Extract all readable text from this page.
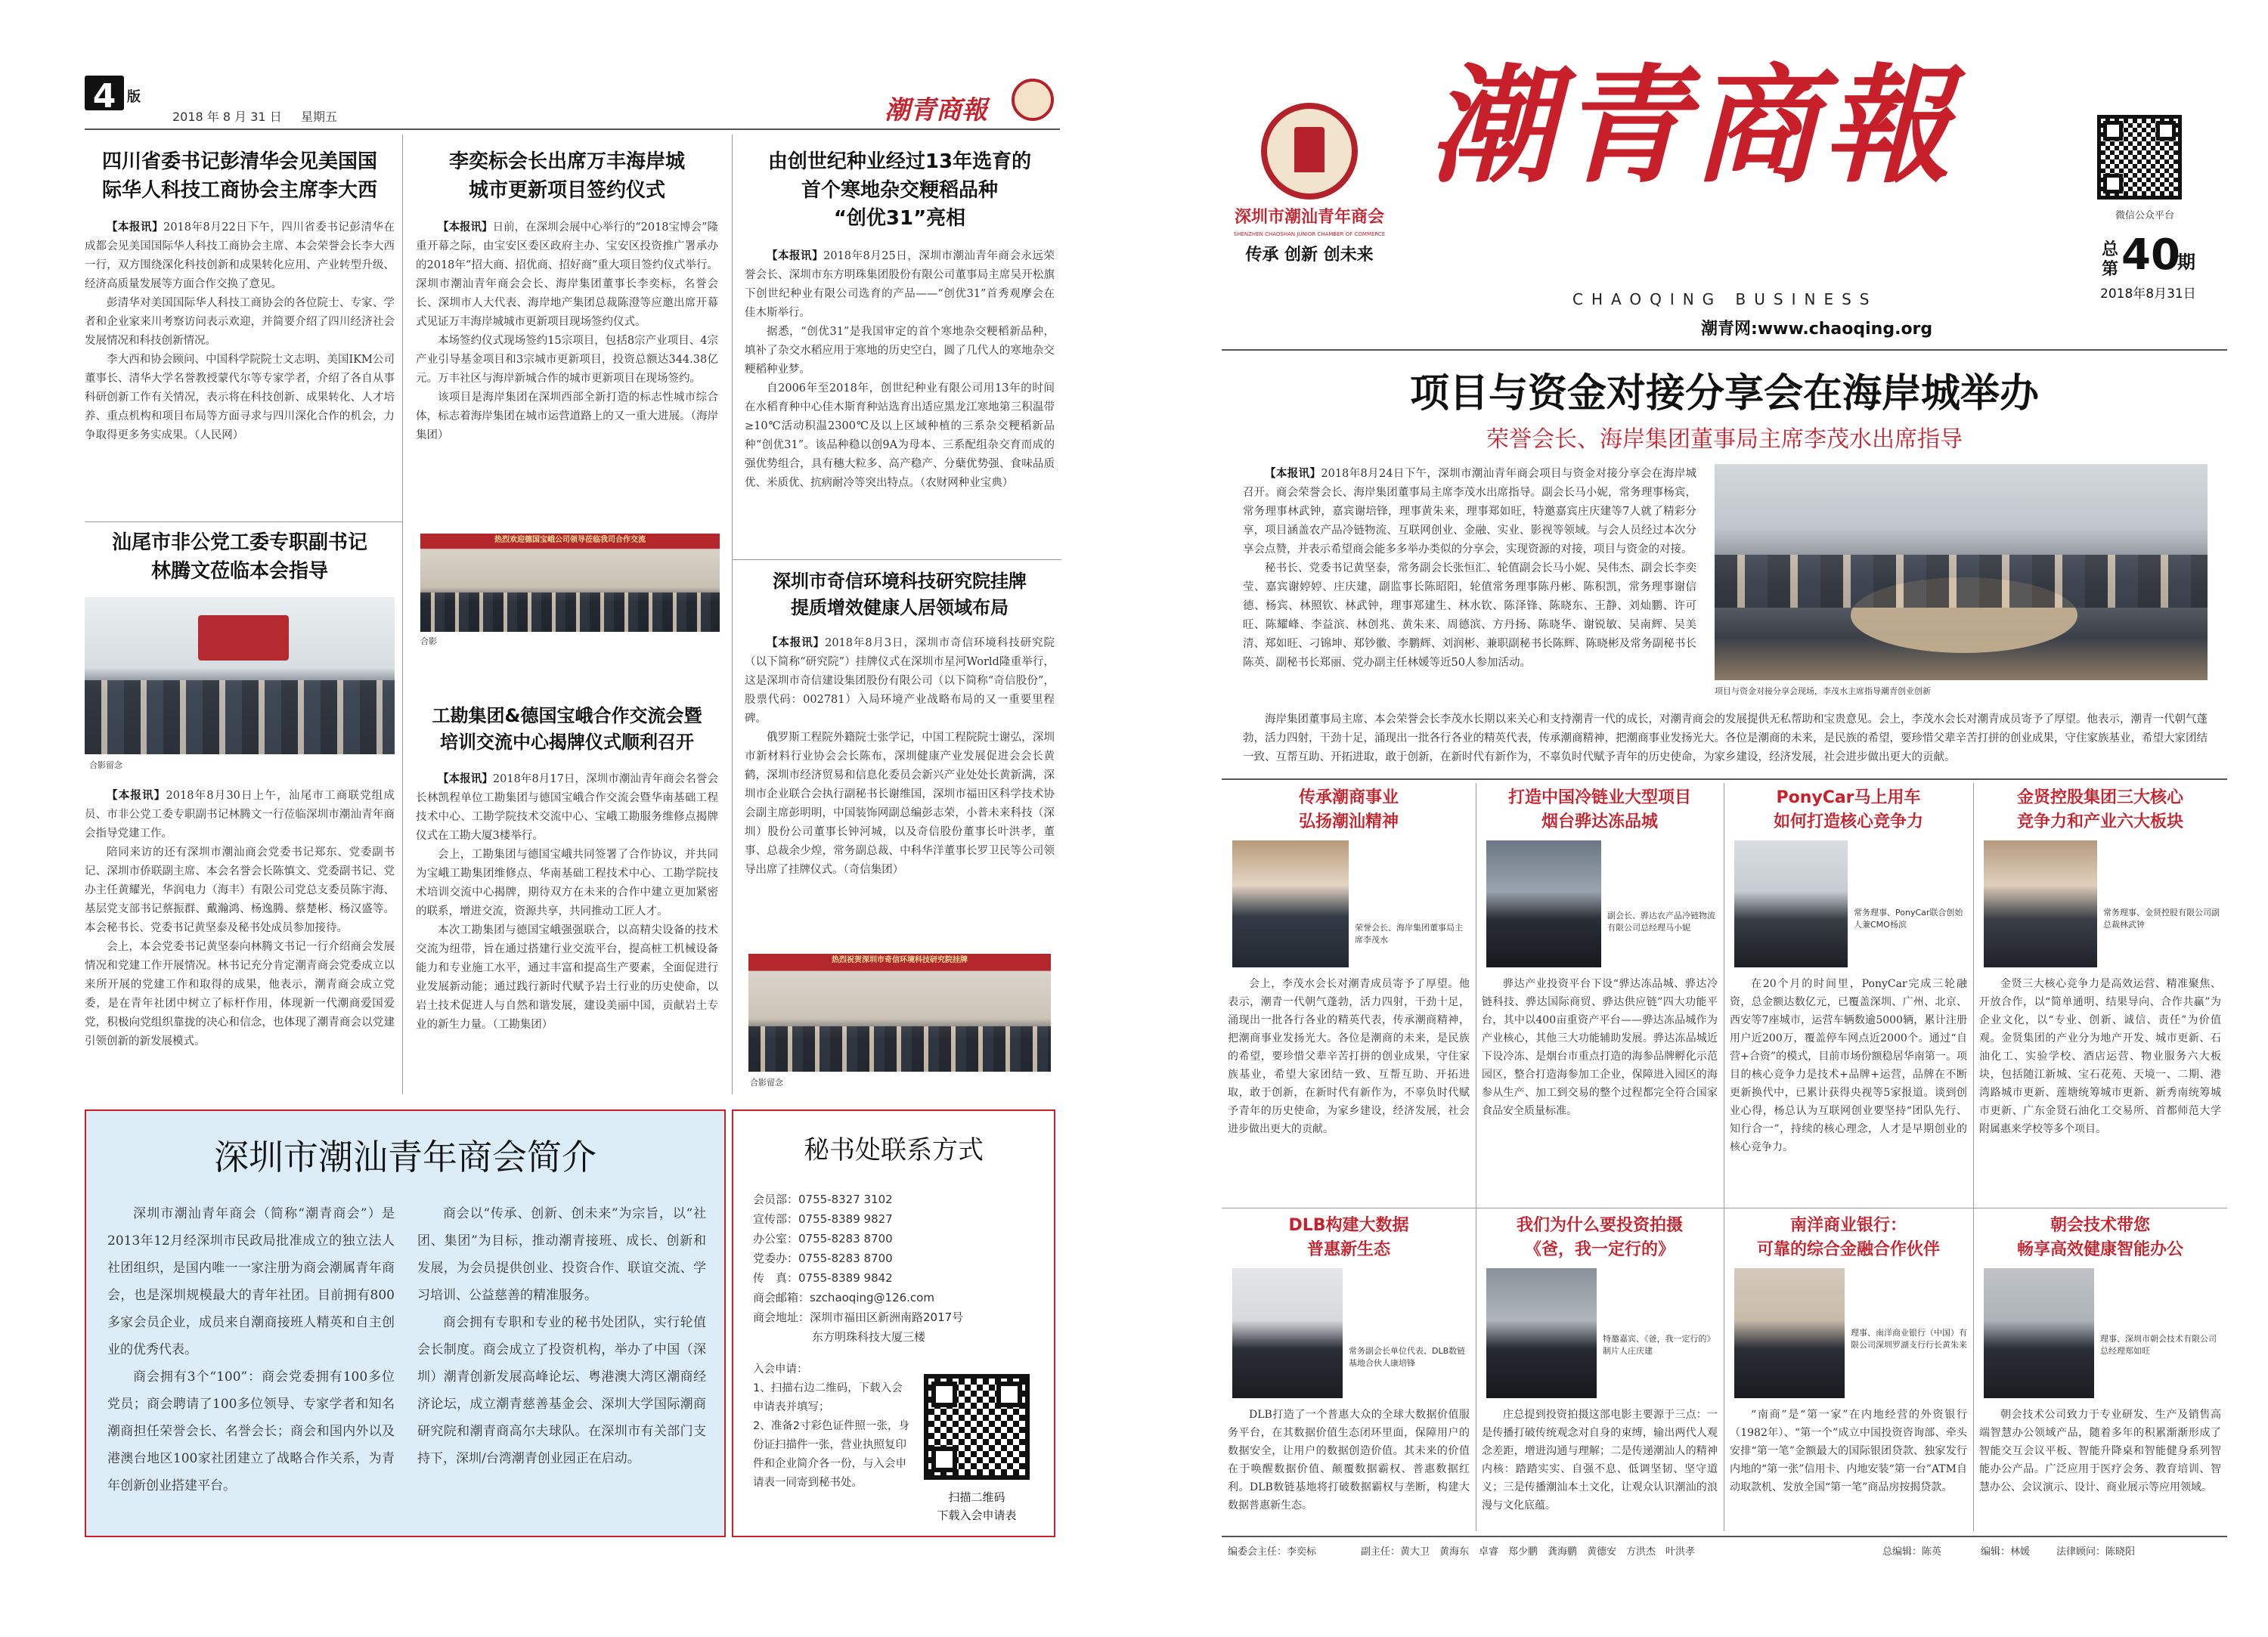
4 版
2018 年 8 月 31 日 星期五	潮青商報
四川省委书记彭清华会见美国国
际华人科技工商协会主席李大西

【本报讯】2018年8月22日下午，四川省委书记彭清华在成都会见美国国际华人科技工商协会主席、本会荣誉会长李大西一行，双方围绕深化科技创新和成果转化应用、产业转型升级、经济高质量发展等方面合作交换了意见。

彭清华对美国国际华人科技工商协会的各位院士、专家、学者和企业家来川考察访问表示欢迎，并简要介绍了四川经济社会发展情况和科技创新情况。

李大西和协会顾问、中国科学院院士文志明、美国IKM公司董事长、清华大学名誉教授蒙代尔等专家学者，介绍了各自从事科研创新工作有关情况，表示将在科技创新、成果转化、人才培养、重点机构和项目布局等方面寻求与四川深化合作的机会，力争取得更多务实成果。（人民网）

李奕标会长出席万丰海岸城
城市更新项目签约仪式

【本报讯】日前，在深圳会展中心举行的“2018宝博会”隆重开幕之际，由宝安区委区政府主办、宝安区投资推广署承办的2018年“招大商、招优商、招好商”重大项目签约仪式举行。深圳市潮汕青年商会会长、海岸集团董事长李奕标，名誉会长、深圳市人大代表、海岸地产集团总裁陈澄等应邀出席开幕式见证万丰海岸城城市更新项目现场签约仪式。

本场签约仪式现场签约15宗项目，包括8宗产业项目、4宗产业引导基金项目和3宗城市更新项目，投资总额达344.38亿元。万丰社区与海岸新城合作的城市更新项目在现场签约。

该项目是海岸集团在深圳西部全新打造的标志性城市综合体，标志着海岸集团在城市运营道路上的又一重大进展。（海岸集团）

由创世纪种业经过13年选育的
首个寒地杂交粳稻品种
“创优31”亮相

【本报讯】2018年8月25日，深圳市潮汕青年商会永远荣誉会长、深圳市东方明珠集团股份有限公司董事局主席吴开松旗下创世纪种业有限公司选育的产品——“创优31”首秀观摩会在佳木斯举行。

据悉，“创优31”是我国审定的首个寒地杂交粳稻新品种，填补了杂交水稻应用于寒地的历史空白，圆了几代人的寒地杂交粳稻种业梦。

自2006年至2018年，创世纪种业有限公司用13年的时间在水稻育种中心佳木斯育种站选育出适应黑龙江寒地第三积温带≥10℃活动积温2300℃及以上区域种植的三系杂交粳稻新品种“创优31”。该品种稳以创9A为母本、三系配组杂交育而成的强优势组合，具有穗大粒多、高产稳产、分蘖优势强、食味品质优、米质优、抗病耐冷等突出特点。（农财网种业宝典）

汕尾市非公党工委专职副书记
林腾文莅临本会指导
合影留念

【本报讯】2018年8月30日上午，汕尾市工商联党组成员、市非公党工委专职副书记林腾文一行莅临深圳市潮汕青年商会指导党建工作。

陪同来访的还有深圳市潮汕商会党委书记郑东、党委副书记、深圳市侨联副主席、本会名誉会长陈慎文、党委副书记、党办主任黄耀光，华润电力（海丰）有限公司党总支委员陈宇海、基层党支部书记蔡振群、戴瀚鸿、杨逸腾、蔡楚彬、杨汉盛等。本会秘书长、党委书记黄坚泰及秘书处成员参加接待。

会上，本会党委书记黄坚泰向林腾文书记一行介绍商会发展情况和党建工作开展情况。林书记充分肯定潮青商会党委成立以来所开展的党建工作和取得的成果，他表示，潮青商会成立党委，是在青年社团中树立了标杆作用，体现新一代潮商爱国爱党，积极向党组织靠拢的决心和信念，也体现了潮青商会以党建引领创新的新发展模式。

热烈欢迎德国宝峨公司领导莅临我司合作交流
合影
工勘集团&德国宝峨合作交流会暨
培训交流中心揭牌仪式顺利召开

【本报讯】2018年8月17日，深圳市潮汕青年商会名誉会长林凯程单位工勘集团与德国宝峨合作交流会暨华南基础工程技术中心、工勘学院技术交流中心、宝峨工勘服务维修点揭牌仪式在工勘大厦3楼举行。

会上，工勘集团与德国宝峨共同签署了合作协议，并共同为宝峨工勘集团维修点、华南基础工程技术中心、工勘学院技术培训交流中心揭牌，期待双方在未来的合作中建立更加紧密的联系，增进交流，资源共享，共同推动工匠人才。

本次工勘集团与德国宝峨强强联合，以高精尖设备的技术交流为纽带，旨在通过搭建行业交流平台，提高桩工机械设备能力和专业施工水平，通过丰富和提高生产要素，全面促进行业发展新动能；通过践行新时代赋予岩土行业的历史使命，以岩土技术促进人与自然和谐发展，建设美丽中国，贡献岩土专业的新生力量。（工勘集团）

深圳市奇信环境科技研究院挂牌
提质增效健康人居领域布局

【本报讯】2018年8月3日，深圳市奇信环境科技研究院（以下简称“研究院”）挂牌仪式在深圳市星河World隆重举行，这是深圳市奇信建设集团股份有限公司（以下简称“奇信股份”，股票代码：002781）入局环境产业战略布局的又一重要里程碑。

俄罗斯工程院外籍院士张学记，中国工程院院士谢弘，深圳市新材料行业协会会长陈布，深圳健康产业发展促进会会长黄鹤，深圳市经济贸易和信息化委员会新兴产业处处长黄新满，深圳市企业联合会执行副秘书长谢维国，深圳市福田区科学技术协会副主席彭明明，中国装饰网副总编彭志荣，小普未来科技（深圳）股份公司董事长钟河城，以及奇信股份董事长叶洪孝，董事、总裁余少煌，常务副总裁、中科华洋董事长罗卫民等公司领导出席了挂牌仪式。（奇信集团）

热烈祝贺深圳市奇信环境科技研究院挂牌
合影留念
深圳市潮汕青年商会简介

深圳市潮汕青年商会（简称“潮青商会”）是2013年12月经深圳市民政局批准成立的独立法人社团组织，是国内唯一一家注册为商会潮属青年商会，也是深圳规模最大的青年社团。目前拥有800多家会员企业，成员来自潮商接班人精英和自主创业的优秀代表。

商会拥有3个“100”：商会党委拥有100多位党员；商会聘请了100多位领导、专家学者和知名潮商担任荣誉会长、名誉会长；商会和国内外以及港澳台地区100家社团建立了战略合作关系，为青年创新创业搭建平台。

商会以“传承、创新、创未来”为宗旨，以“社团、集团”为目标，推动潮青接班、成长、创新和发展，为会员提供创业、投资合作、联谊交流、学习培训、公益慈善的精准服务。

商会拥有专职和专业的秘书处团队，实行轮值会长制度。商会成立了投资机构，举办了中国（深圳）潮青创新发展高峰论坛、粤港澳大湾区潮商经济论坛，成立潮青慈善基金会、深圳大学国际潮商研究院和潮青商高尔夫球队。在深圳市有关部门支持下，深圳/台湾潮青创业园正在启动。

秘书处联系方式
会员部：0755-8327 3102
宣传部：0755-8389 9827
办公室：0755-8283 8700
党委办：0755-8283 8700
传　真：0755-8389 9842
商会邮箱：szchaoqing@126.com
商会地址：深圳市福田区新洲南路2017号
东方明珠科技大厦三楼
入会申请：
1、扫描右边二维码，下载入会申请表并填写；
2、准备2寸彩色证件照一张，身份证扫描件一张，营业执照复印件和企业简介各一份，与入会申请表一同寄到秘书处。
扫描二维码
下载入会申请表
深圳市潮汕青年商会
SHENZHEN CHAOSHAN JUNIOR CHAMBER OF COMMERCE
传承 创新 创未来
潮青商報
CHAOQING BUSINESS
潮青网:www.chaoqing.org
微信公众平台
总第 40
期
2018年8月31日
项目与资金对接分享会在海岸城举办
荣誉会长、海岸集团董事局主席李茂水出席指导

【本报讯】2018年8月24日下午，深圳市潮汕青年商会项目与资金对接分享会在海岸城召开。商会荣誉会长、海岸集团董事局主席李茂水出席指导。副会长马小妮，常务理事杨宾，常务理事林武钟，嘉宾谢培锋，理事黄朱来，理事郑如旺，特邀嘉宾庄庆建等7人就了精彩分享，项目涵盖农产品冷链物流、互联网创业、金融、实业、影视等领域。与会人员经过本次分享会点赞，并表示希望商会能多多举办类似的分享会，实现资源的对接，项目与资金的对接。

秘书长、党委书记黄坚泰，常务副会长张恒汇、轮值副会长马小妮、吴伟杰、副会长李奕莹、嘉宾谢婷婷、庄庆建，副监事长陈昭阳，轮值常务理事陈丹彬、陈积凯，常务理事谢信德、杨宾、林照钦、林武钟，理事郑建生、林水钦、陈泽锋、陈晓东、王静、刘灿鹏、许可旺、陈耀峰、李益滨、林创兆、黄朱来、周德滨、方丹扬、陈晓华、谢锐敏、吴南辉、吴美清、郑如旺、刁锦坤、郑钞徽、李鹏辉、刘润彬、兼职副秘书长陈辉、陈晓彬及常务副秘书长陈英、副秘书长郑丽、党办副主任林媛等近50人参加活动。

项目与资金对接分享会现场，李茂水主席指导潮青创业创新

海岸集团董事局主席、本会荣誉会长李茂水长期以来关心和支持潮青一代的成长，对潮青商会的发展提供无私帮助和宝贵意见。会上，李茂水会长对潮青成员寄予了厚望。他表示，潮青一代朝气蓬勃，活力四射，干劲十足，涌现出一批各行各业的精英代表，传承潮商精神，把潮商事业发扬光大。各位是潮商的未来，是民族的希望，要珍惜父辈辛苦打拼的创业成果，守住家族基业，希望大家团结一致、互帮互助、开拓进取，敢于创新，在新时代有新作为，不辜负时代赋予青年的历史使命，为家乡建设，经济发展，社会进步做出更大的贡献。

传承潮商事业
弘扬潮汕精神
荣誉会长、海岸集团董事局主席李茂水

会上，李茂水会长对潮青成员寄予了厚望。他表示，潮青一代朝气蓬勃，活力四射，干劲十足，涌现出一批各行各业的精英代表，传承潮商精神，把潮商事业发扬光大。各位是潮商的未来，是民族的希望，要珍惜父辈辛苦打拼的创业成果，守住家族基业，希望大家团结一致、互帮互助、开拓进取，敢于创新，在新时代有新作为，不辜负时代赋予青年的历史使命，为家乡建设，经济发展，社会进步做出更大的贡献。

打造中国冷链业大型项目
烟台骅达冻品城
副会长、骅达农产品冷链物流有限公司总经理马小妮

骅达产业投资平台下设“骅达冻品城、骅达冷链科技、骅达国际商贸、骅达供应链”四大功能平台，其中以400亩重资产平台——骅达冻品城作为产业核心，其他三大功能辅助发展。骅达冻品城近下设冷冻、是烟台市重点打造的海参品牌孵化示范园区，整合打造海参加工企业，保障进入园区的海参从生产、加工到交易的整个过程都完全符合国家食品安全质量标准。

PonyCar马上用车
如何打造核心竞争力
常务理事、PonyCar联合创始人兼CMO杨滨

在20个月的时间里，PonyCar完成三轮融资，总金额达数亿元，已覆盖深圳、广州、北京、西安等7座城市，运营车辆数逾5000辆，累计注册用户近200万，覆盖停车网点近2000个。通过“自营+合资”的模式，目前市场份额稳居华南第一。项目的核心竞争力是技术+品牌+运营，品牌在不断更新换代中，已累计获得央视等5家报道。谈到创业心得，杨总认为互联网创业要坚持“团队先行、知行合一”，持续的核心理念，人才是早期创业的核心竞争力。

金贤控股集团三大核心
竞争力和产业六大板块
常务理事、金贤控股有限公司副总裁林武钟

金贤三大核心竞争力是高效运营、精准聚焦、开放合作，以“简单通明、结果导向、合作共赢”为企业文化，以“专业、创新、诚信、责任”为价值观。金贤集团的产业分为地产开发、城市更新、石油化工、实验学校、酒店运营、物业服务六大板块，包括随江新城、宝石花苑、天境一、二期、港湾路城市更新、莲塘统筹城市更新、新秀南统筹城市更新、广东金贤石油化工交易所、首都师范大学附属惠来学校等多个项目。

DLB构建大数据
普惠新生态
常务副会长单位代表、DLB数链基地合伙人康培锋

DLB打造了一个普惠大众的全球大数据价值服务平台，在其数据价值生态闭环里面，保障用户的数据安全，让用户的数据创造价值。其未来的价值在于唤醒数据价值、颠覆数据霸权、普惠数据红利。DLB数链基地将打破数据霸权与垄断，构建大数据普惠新生态。

我们为什么要投资拍摄
《爸，我一定行的》
特邀嘉宾、《爸，我一定行的》制片人庄庆建

庄总提到投资拍摄这部电影主要源于三点：一是传播打破传统观念对自身的束缚，输出两代人观念差距，增进沟通与理解；二是传递潮汕人的精神内核：踏踏实实、自强不息、低调坚韧、坚守道义；三是传播潮汕本土文化，让观众认识潮汕的浪漫与文化底蕴。

南洋商业银行：
可靠的综合金融合作伙伴
理事、南洋商业银行（中国）有限公司深圳罗湖支行行长黄朱来

“南商”是“第一家”在内地经营的外资银行（1982年）、“第一个”成立中国投资咨询部、牵头安排“第一笔”金额最大的国际银团贷款、独家发行内地的“第一张”信用卡、内地安装“第一台”ATM自动取款机、发放全国“第一笔”商品房按揭贷款。

朝会技术带您
畅享高效健康智能办公
理事、深圳市朝会技术有限公司总经理郑如旺

朝会技术公司致力于专业研发、生产及销售高端智慧办公领域产品，随着多年的积累渐渐形成了智能交互会议平板、智能升降桌和智能健身系列智能办公产品。广泛应用于医疗会务、教育培训、智慧办公、会议演示、设计、商业展示等应用领域。

编委会主任：李奕标	副主任：黄大卫　黄海东　卓睿　郑少鹏　龚海鹏　黄德安　方洪杰　叶洪孝	总编辑：陈英	编辑：林媛	法律顾问：陈晓阳
